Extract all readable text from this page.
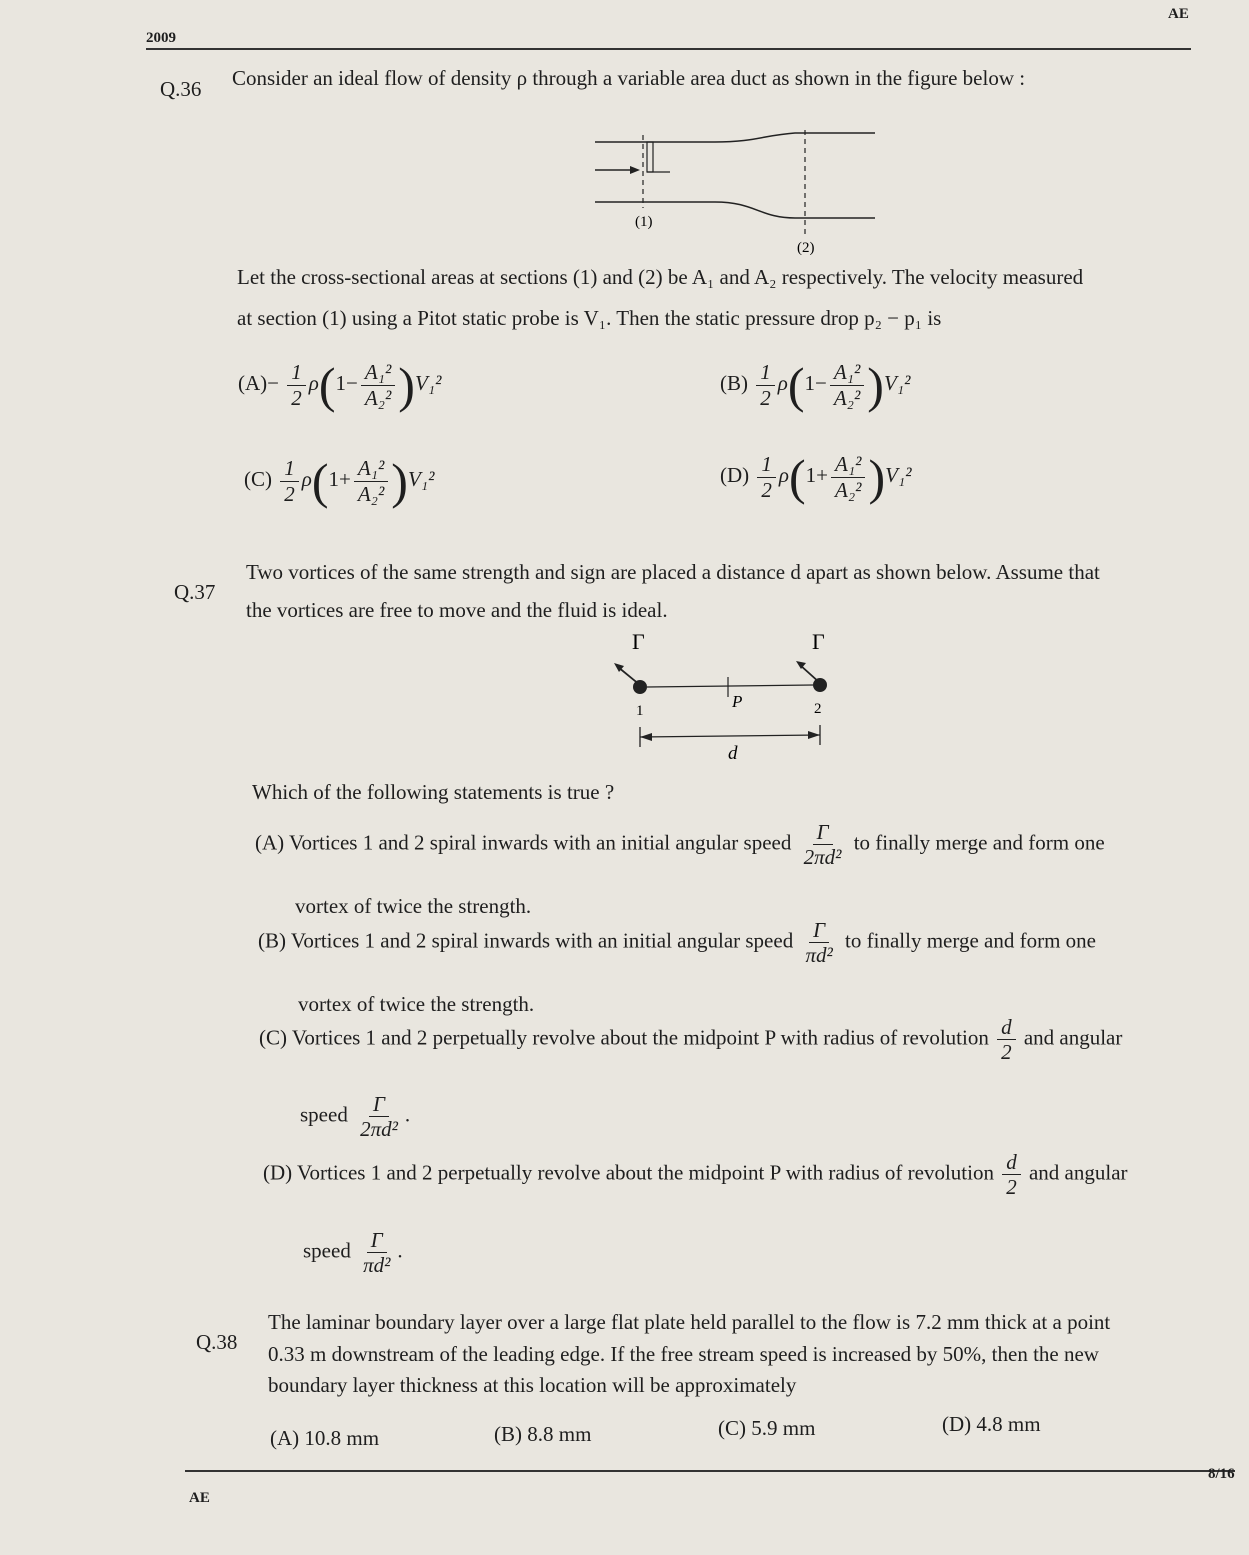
2009
AE
Q.36 Consider an ideal flow of density ρ through a variable area duct as shown in the figure below :
(1)
(2)
Let the cross-sectional areas at sections (1) and (2) be A₁ and A₂ respectively. The velocity measured
at section (1) using a Pitot static probe is V₁. Then the static pressure drop p₂ − p₁ is
$(A)- \frac{1}{2} \rho(1- \frac{\text{A₁²}}{\text{A₂²}} )V_1^2$	$(B) \frac{1}{2} \rho(1- \frac{\text{A₁²}}{\text{A₂²}} )V_1^2$
$(C) \frac{1}{2} \rho(1+ \frac{\text{A₁²}}{\text{A₂²}} )V_1^2$	$(D) \frac{1}{2} \rho(1+ \frac{\text{A₁²}}{\text{A₂²}} )V_1^2$
Q.37
Two vortices of the same strength and sign are placed a distance d apart as shown below. Assume that
the vortices are free to move and the fluid is ideal.
Γ
1
Γ
2
P
d
Which of the following statements is true ?
(A) Vortices 1 and 2 spiral inwards with an initial angular speed $\frac{\Gamma}{\text{2πd²}}$ to finally merge and form one
vortex of twice the strength.
(B) Vortices 1 and 2 spiral inwards with an initial angular speed $\frac{\Gamma}{\text{πd²}}$ to finally merge and form one
vortex of twice the strength.
(C) Vortices 1 and 2 perpetually revolve about the midpoint P with radius of revolution $\frac{d}{2}$ and angular
speed $\frac{\Gamma}{\text{2πd²}}$ .
(D) Vortices 1 and 2 perpetually revolve about the midpoint P with radius of revolution $\frac{d}{2}$ and angular
speed $\frac{\Gamma}{\text{πd²}}$ .
Q.38
The laminar boundary layer over a large flat plate held parallel to the flow is 7.2 mm thick at a point
0.33 m downstream of the leading edge. If the free stream speed is increased by 50%, then the new
boundary layer thickness at this location will be approximately
(A) 10.8 mm	(B) 8.8 mm	(C) 5.9 mm	(D) 4.8 mm
8/16
AE
